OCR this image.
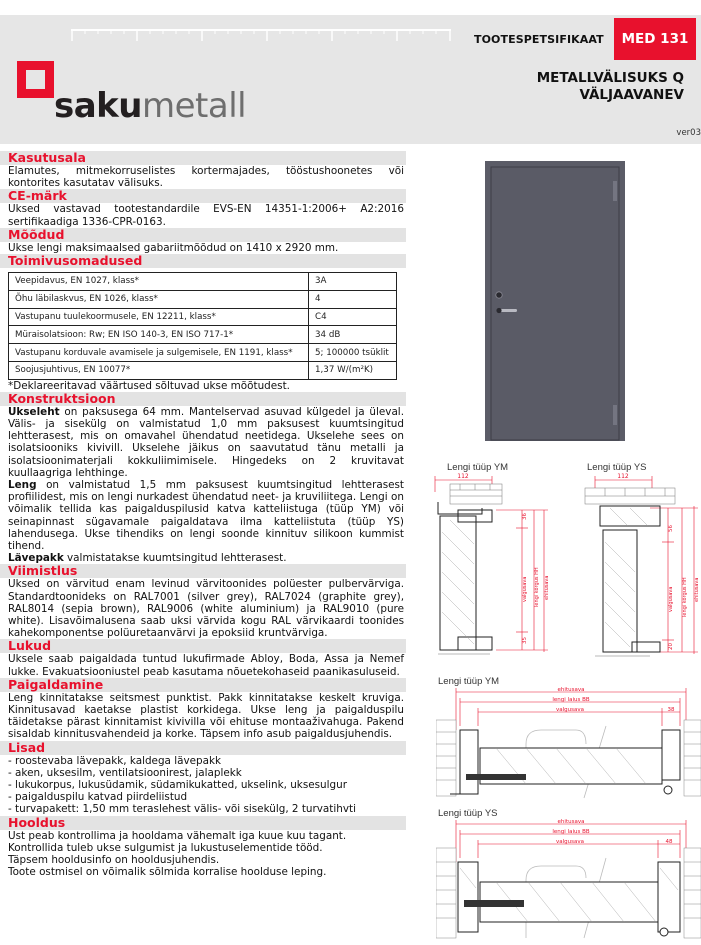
TOOTESPETSIFIKAAT	MED 131
sakumetall
METALLVÄLISUKS Q
VÄLJAAVANEV
ver03
Kasutusala
Elamutes, mitmekorruselistes kortermajades, tööstushoonetes või kontorites kasutatav välisuks.
CE-märk
Uksed vastavad tootestandardile EVS-EN 14351-1:2006+ A2:2016 sertifikaadiga 1336-CPR-0163.
Mõõdud
Ukse lengi maksimaalsed gabariitmõõdud on 1410 x 2920 mm.
Toimivusomadused
Veepidavus, EN 1027, klass*	3A
Õhu läbilaskvus, EN 1026, klass*	4
Vastupanu tuulekoormusele, EN 12211, klass*	C4
Müraisolatsioon: Rw; EN ISO 140-3, EN ISO 717-1*	34 dB
Vastupanu korduvale avamisele ja sulgemisele, EN 1191, klass*	5; 100000 tsüklit
Soojusjuhtivus, EN 10077*	1,37 W/(m²K)
*Deklareeritavad väärtused sõltuvad ukse mõõtudest.
Konstruktsioon
Ukseleht on paksusega 64 mm. Mantelservad asuvad külgedel ja üleval. Välis- ja sisekülg on valmistatud 1,0 mm paksusest kuumtsingitud lehtterasest, mis on omavahel ühendatud neetidega. Ukselehe sees on isolatsiooniks kivivill. Ukselehe jäikus on saavutatud tänu metalli ja isolatsioonimaterjali kokkuliimimisele. Hingedeks on 2 kruvitavat kuullaagriga lehthinge.
Leng on valmistatud 1,5 mm paksusest kuumtsingitud lehtterasest profiilidest, mis on lengi nurkadest ühendatud neet- ja kruviliitega. Lengi on võimalik tellida kas paigalduspilusid katva katteliistuga (tüüp YM) või seinapinnast sügavamale paigaldatava ilma katteliistuta (tüüp YS) lahendusega. Ukse tihendiks on lengi soonde kinnituv silikoon kummist tihend.
Lävepakk valmistatakse kuumtsingitud lehtterasest.
Viimistlus
Uksed on värvitud enam levinud värvitoonides polüester pulbervärviga. Standardtoonideks on RAL7001 (silver grey), RAL7024 (graphite grey), RAL8014 (sepia brown), RAL9006 (white aluminium) ja RAL9010 (pure white). Lisavõimalusena saab uksi värvida kogu RAL värvikaardi toonides kahekomponentse polüuretaanvärvi ja epoksiid kruntvärviga.
Lukud
Uksele saab paigaldada tuntud lukufirmade Abloy, Boda, Assa ja Nemef lukke. Evakuatsiooniustel peab kasutama nõuetekohaseid paanikasuluseid.
Paigaldamine
Leng kinnitatakse seitsmest punktist. Pakk kinnitatakse keskelt kruviga. Kinnitusavad kaetakse plastist korkidega. Ukse leng ja paigalduspilu täidetakse pärast kinnitamist kivivilla või ehituse montaaživahuga. Pakend sisaldab kinnitusvahendeid ja korke. Täpsem info asub paigaldusjuhendis.
Lisad
- roostevaba lävepakk, kaldega lävepakk
- aken, uksesilm, ventilatsioonirest, jalaplekk
- lukukorpus, lukusüdamik, südamikukatted, ukselink, uksesulgur
- paigalduspilu katvad piirdeliistud
- turvapakett: 1,50 mm teraslehest välis- või sisekülg, 2 turvatihvti
Hooldus
Ust peab kontrollima ja hooldama vähemalt iga kuue kuu tagant.
Kontrollida tuleb ukse sulgumist ja lukustuselementide tööd.
Täpsem hooldusinfo on hooldusjuhendis.
Toote ostmisel on võimalik sõlmida korralise hoolduse leping.
Lengi tüüp YM
112
36
35
valgusava lengi kõrgus HH ehitusava
Lengi tüüp YS
112
56
20
valgusava lengi kõrgus HH ehitusava
Lengi tüüp YM
ehitusava
lengi laius BB
valgusava	38
Lengi tüüp YS
ehitusava
lengi laius BB
valgusava	48
